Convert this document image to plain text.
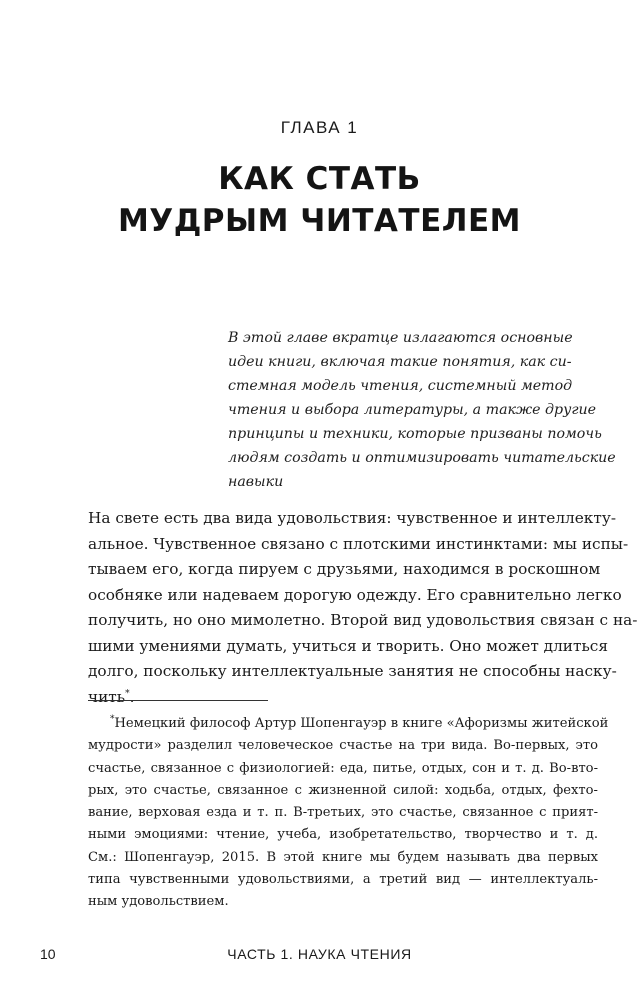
ГЛАВА 1
КАК СТАТЬ
МУДРЫМ ЧИТАТЕЛЕМ
В этой главе вкратце излагаются основные
идеи книги, включая такие понятия, как си-
стемная модель чтения, системный метод
чтения и выбора литературы, а также другие
принципы и техники, которые призваны помочь
людям создать и оптимизировать читательские
навыки
На свете есть два вида удовольствия: чувственное и интеллекту-
альное. Чувственное связано с плотскими инстинктами: мы испы-
тываем его, когда пируем с друзьями, находимся в роскошном
особняке или надеваем дорогую одежду. Его сравнительно легко
получить, но оно мимолетно. Второй вид удовольствия связан с на-
шими умениями думать, учиться и творить. Оно может длиться
долго, поскольку интеллектуальные занятия не способны наску-
чить*.
*Немецкий философ Артур Шопенгауэр в книге «Афоризмы житейской
мудрости» разделил человеческое счастье на три вида. Во-первых, это
счастье, связанное с физиологией: еда, питье, отдых, сон и т. д. Во-вто-
рых, это счастье, связанное с жизненной силой: ходьба, отдых, фехто-
вание, верховая езда и т. п. В-третьих, это счастье, связанное с прият-
ными эмоциями: чтение, учеба, изобретательство, творчество и т. д.
См.: Шопенгауэр, 2015. В этой книге мы будем называть два первых
типа чувственными удовольствиями, а третий вид — интеллектуаль-
ным удовольствием.
10	ЧАСТЬ 1. НАУКА ЧТЕНИЯ
